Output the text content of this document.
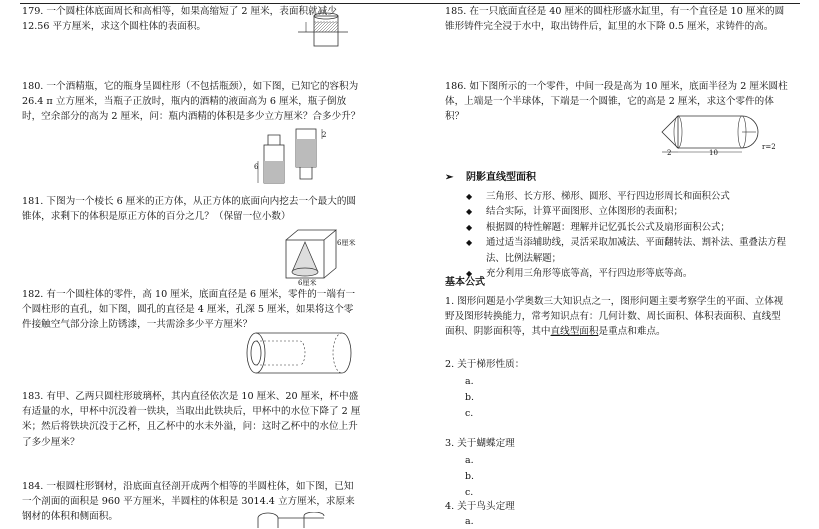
179. 一个圆柱体底面周长和高相等，如果高缩短了 2 厘米，表面积就减少 12.56 平方厘米，求这个圆柱体的表面积。
180. 一个酒精瓶，它的瓶身呈圆柱形（不包括瓶颈），如下图，已知它的容积为 26.4 π 立方厘米，当瓶子正放时，瓶内的酒精的液面高为 6 厘米，瓶子倒放时，空余部分的高为 2 厘米，问：瓶内酒精的体积是多少立方厘米？合多少升？
6
2
181. 下图为一个棱长 6 厘米的正方体，从正方体的底面向内挖去一个最大的圆锥体，求剩下的体积是原正方体的百分之几？（保留一位小数）
6厘米
6厘米
182. 有一个圆柱体的零件，高 10 厘米，底面直径是 6 厘米，零件的一端有一个圆柱形的直孔，如下图，圆孔的直径是 4 厘米，孔深 5 厘米，如果将这个零件接触空气部分涂上防锈漆，一共需涂多少平方厘米？
183. 有甲、乙两只圆柱形玻璃杯，其内直径依次是 10 厘米、20 厘米，杯中盛有适量的水，甲杯中沉没着一铁块，当取出此铁块后，甲杯中的水位下降了 2 厘米；然后将铁块沉没于乙杯，且乙杯中的水未外溢，问：这时乙杯中的水位上升了多少厘米？
184. 一根圆柱形钢材，沿底面直径剖开成两个相等的半圆柱体，如下图，已知一个剖面的面积是 960 平方厘米，半圆柱的体积是 3014.4 立方厘米，求原来钢材的体积和侧面积。
185. 在一只底面直径是 40 厘米的圆柱形盛水缸里，有一个直径是 10 厘米的圆锥形铸件完全浸于水中，取出铸件后，缸里的水下降 0.5 厘米，求铸件的高。
186. 如下图所示的一个零件，中间一段是高为 10 厘米，底面半径为 2 厘米圆柱体，上端是一个半球体，下端是一个圆锥，它的高是 2 厘米，求这个零件的体积？
2	10
r=2
➢ 阴影直线型面积
◆ 三角形、长方形、梯形、圆形、平行四边形周长和面积公式
◆ 结合实际，计算平面图形、立体图形的表面积；
◆ 根据圆的特性解题：理解并记忆弧长公式及扇形面积公式；
◆ 通过适当添辅助线，灵活采取加减法、平面翻转法、割补法、重叠法方程法、比例法解题；
◆ 充分利用三角形等底等高，平行四边形等底等高。
基本公式
1. 图形问题是小学奥数三大知识点之一，图形问题主要考察学生的平面、立体视野及图形转换能力，常考知识点有：几何计数、周长面积、体积表面积、直线型面积、阴影面积等，其中直线型面积是重点和难点。
2. 关于梯形性质：
a.
b.
c.
3. 关于蝴蝶定理
a.
b.
c.
4. 关于鸟头定理
a.
